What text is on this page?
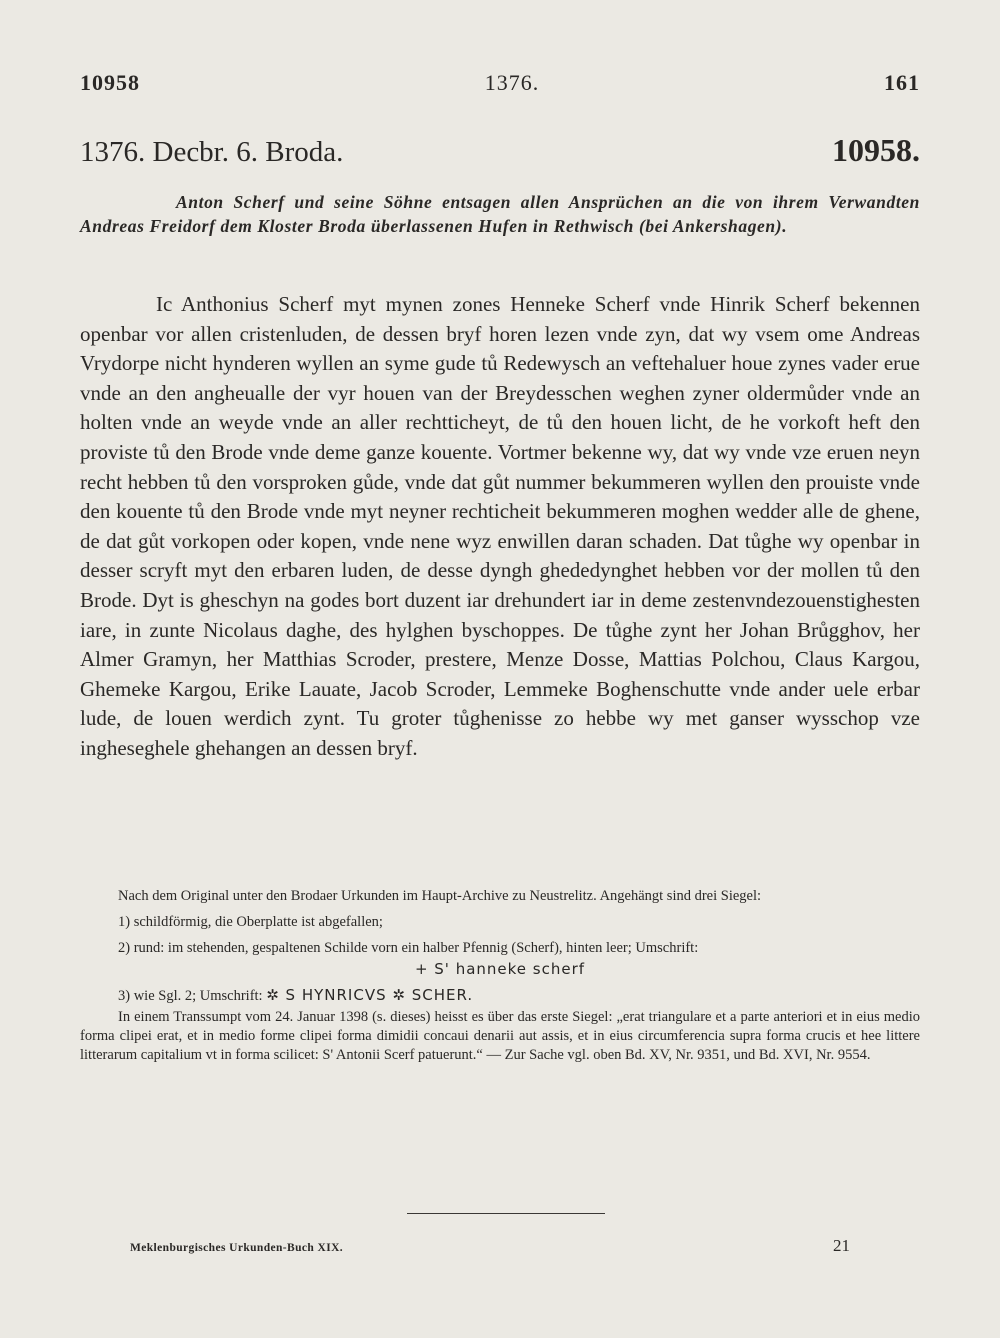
10958	1376.	161
1376. Decbr. 6. Broda.	10958.
Anton Scherf und seine Söhne entsagen allen Ansprüchen an die von ihrem Verwandten Andreas Freidorf dem Kloster Broda überlassenen Hufen in Rethwisch (bei Ankershagen).
Ic Anthonius Scherf myt mynen zones Henneke Scherf vnde Hinrik Scherf bekennen openbar vor allen cristenluden, de dessen bryf horen lezen vnde zyn, dat wy vsem ome Andreas Vrydorpe nicht hynderen wyllen an syme gude tů Redewysch an veftehaluer houe zynes vader erue vnde an den angheualle der vyr houen van der Breydesschen weghen zyner oldermůder vnde an holten vnde an weyde vnde an aller rechtticheyt, de tů den houen licht, de he vorkoft heft den proviste tů den Brode vnde deme ganze kouente. Vortmer bekenne wy, dat wy vnde vze eruen neyn recht hebben tů den vorsproken gůde, vnde dat gůt nummer bekummeren wyllen den prouiste vnde den kouente tů den Brode vnde myt neyner rechticheit bekummeren moghen wedder alle de ghene, de dat gůt vorkopen oder kopen, vnde nene wyz enwillen daran schaden. Dat tůghe wy openbar in desser scryft myt den erbaren luden, de desse dyngh ghededynghet hebben vor der mollen tů den Brode. Dyt is gheschyn na godes bort duzent iar drehundert iar in deme zestenvndezouenstighesten iare, in zunte Nicolaus daghe, des hylghen byschoppes. De tůghe zynt her Johan Brůgghov, her Almer Gramyn, her Matthias Scroder, prestere, Menze Dosse, Mattias Polchou, Claus Kargou, Ghemeke Kargou, Erike Lauate, Jacob Scroder, Lemmeke Boghenschutte vnde ander uele erbar lude, de louen werdich zynt. Tu groter tůghenisse zo hebbe wy met ganser wysschop vze ingheseghele ghehangen an dessen bryf.

Nach dem Original unter den Brodaer Urkunden im Haupt-Archive zu Neustrelitz. Angehängt sind drei Siegel:

1) schildförmig, die Oberplatte ist abgefallen;

2) rund: im stehenden, gespaltenen Schilde vorn ein halber Pfennig (Scherf), hinten leer; Umschrift:

+ S' hanneke scherf

3) wie Sgl. 2; Umschrift: ✲ S HYNRICVS ✲ SCHER.

In einem Transsumpt vom 24. Januar 1398 (s. dieses) heisst es über das erste Siegel: „erat triangulare et a parte anteriori et in eius medio forma clipei erat, et in medio forme clipei forma dimidii concaui denarii aut assis, et in eius circumferencia supra forma crucis et hee littere litterarum capitalium vt in forma scilicet: S' Antonii Scerf patuerunt.“ — Zur Sache vgl. oben Bd. XV, Nr. 9351, und Bd. XVI, Nr. 9554.

Meklenburgisches Urkunden-Buch XIX.	21
